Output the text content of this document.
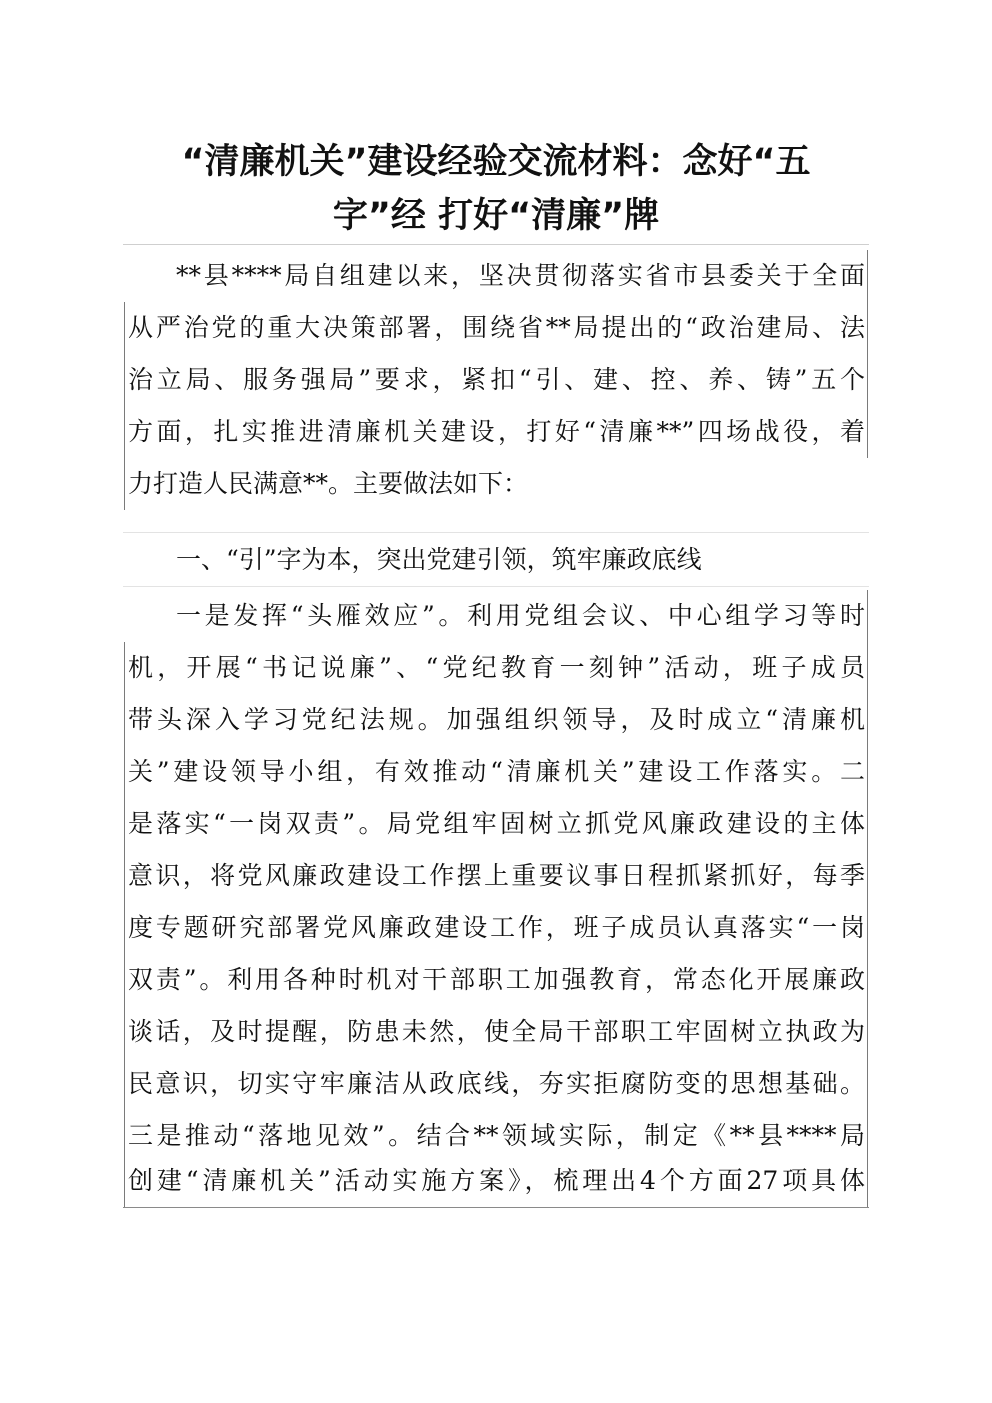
“清廉机关”建设经验交流材料：念好“五
字”经 打好“清廉”牌
**县****局自组建以来，坚决贯彻落实省市县委关于全面
从严治党的重大决策部署，围绕省**局提出的“政治建局、法
治立局、服务强局”要求，紧扣“引、建、控、养、铸”五个
方面，扎实推进清廉机关建设，打好“清廉**”四场战役，着
力打造人民满意**。主要做法如下：
一、“引”字为本，突出党建引领，筑牢廉政底线
一是发挥“头雁效应”。利用党组会议、中心组学习等时
机，开展“书记说廉”、“党纪教育一刻钟”活动，班子成员
带头深入学习党纪法规。加强组织领导，及时成立“清廉机
关”建设领导小组，有效推动“清廉机关”建设工作落实。二
是落实“一岗双责”。局党组牢固树立抓党风廉政建设的主体
意识，将党风廉政建设工作摆上重要议事日程抓紧抓好，每季
度专题研究部署党风廉政建设工作，班子成员认真落实“一岗
双责”。利用各种时机对干部职工加强教育，常态化开展廉政
谈话，及时提醒，防患未然，使全局干部职工牢固树立执政为
民意识，切实守牢廉洁从政底线，夯实拒腐防变的思想基础。
三是推动“落地见效”。结合**领域实际，制定《**县****局
创建“清廉机关”活动实施方案》，梳理出4个方面27项具体
